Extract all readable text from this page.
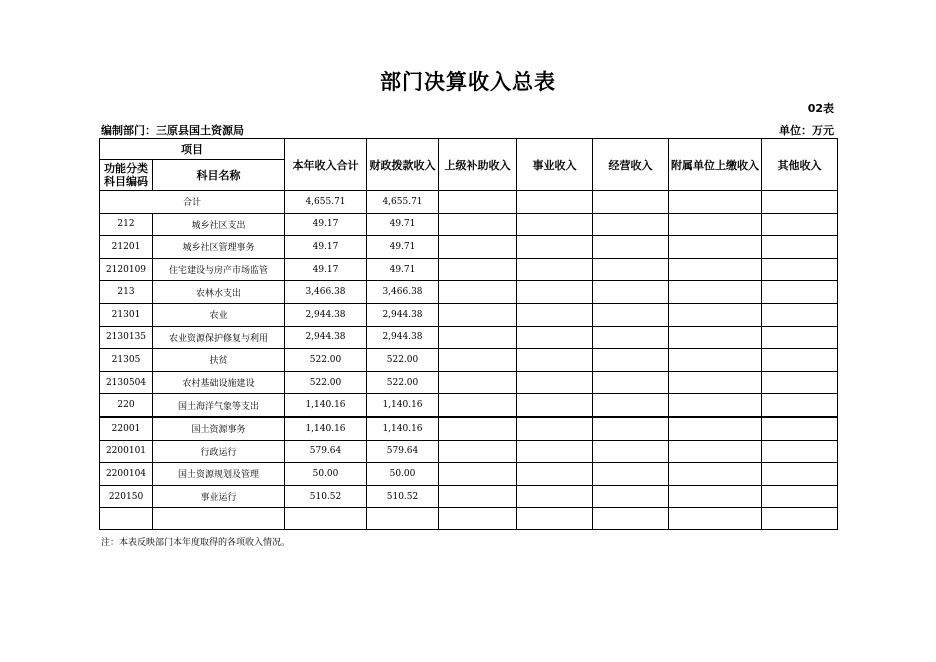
部门决算收入总表
02表
编制部门：三原县国土资源局	单位：万元
项目		本年收入合计	财政拨款收入	上级补助收入	事业收入	经营收入	附属单位上缴收入	其他收入
功能分类
科目编码	科目名称							
合计		4,655.71	4,655.71					
212	城乡社区支出	49.17	49.71					
21201	城乡社区管理事务	49.17	49.71					
2120109	住宅建设与房产市场监管	49.17	49.71					
213	农林水支出	3,466.38	3,466.38					
21301	农业	2,944.38	2,944.38					
2130135	农业资源保护修复与利用	2,944.38	2,944.38					
21305	扶贫	522.00	522.00					
2130504	农村基础设施建设	522.00	522.00					
220	国土海洋气象等支出	1,140.16	1,140.16					
22001	国土资源事务	1,140.16	1,140.16					
2200101	行政运行	579.64	579.64					
2200104	国土资源规划及管理	50.00	50.00					
220150	事业运行	510.52	510.52					

注：本表反映部门本年度取得的各项收入情况。
